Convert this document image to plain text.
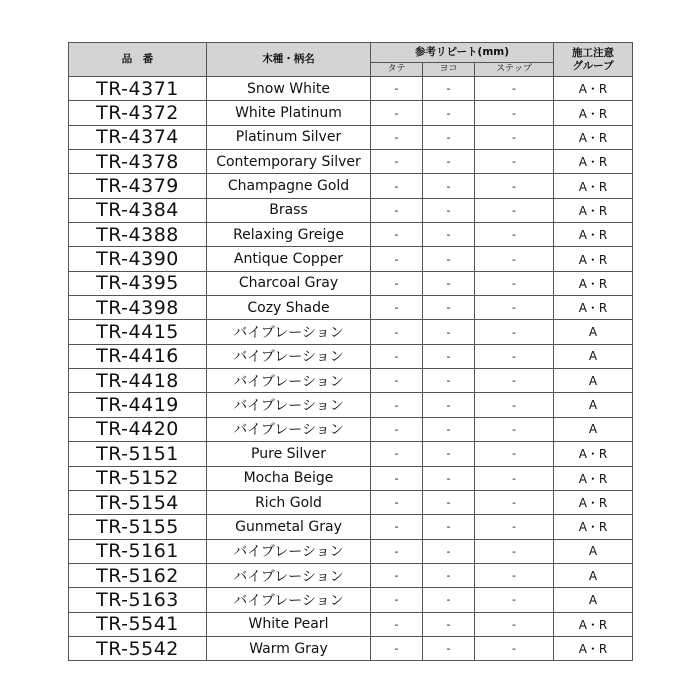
品　番	木種・柄名	参考リピート(mm)			施工注意
グループ
		タテ	ヨコ	ステップ	
TR-4371	Snow White	-	-	-	A・R
TR-4372	White Platinum	-	-	-	A・R
TR-4374	Platinum Silver	-	-	-	A・R
TR-4378	Contemporary Silver	-	-	-	A・R
TR-4379	Champagne Gold	-	-	-	A・R
TR-4384	Brass	-	-	-	A・R
TR-4388	Relaxing Greige	-	-	-	A・R
TR-4390	Antique Copper	-	-	-	A・R
TR-4395	Charcoal Gray	-	-	-	A・R
TR-4398	Cozy Shade	-	-	-	A・R
TR-4415	バイブレーション	-	-	-	A
TR-4416	バイブレーション	-	-	-	A
TR-4418	バイブレーション	-	-	-	A
TR-4419	バイブレーション	-	-	-	A
TR-4420	バイブレーション	-	-	-	A
TR-5151	Pure Silver	-	-	-	A・R
TR-5152	Mocha Beige	-	-	-	A・R
TR-5154	Rich Gold	-	-	-	A・R
TR-5155	Gunmetal Gray	-	-	-	A・R
TR-5161	バイブレーション	-	-	-	A
TR-5162	バイブレーション	-	-	-	A
TR-5163	バイブレーション	-	-	-	A
TR-5541	White Pearl	-	-	-	A・R
TR-5542	Warm Gray	-	-	-	A・R
